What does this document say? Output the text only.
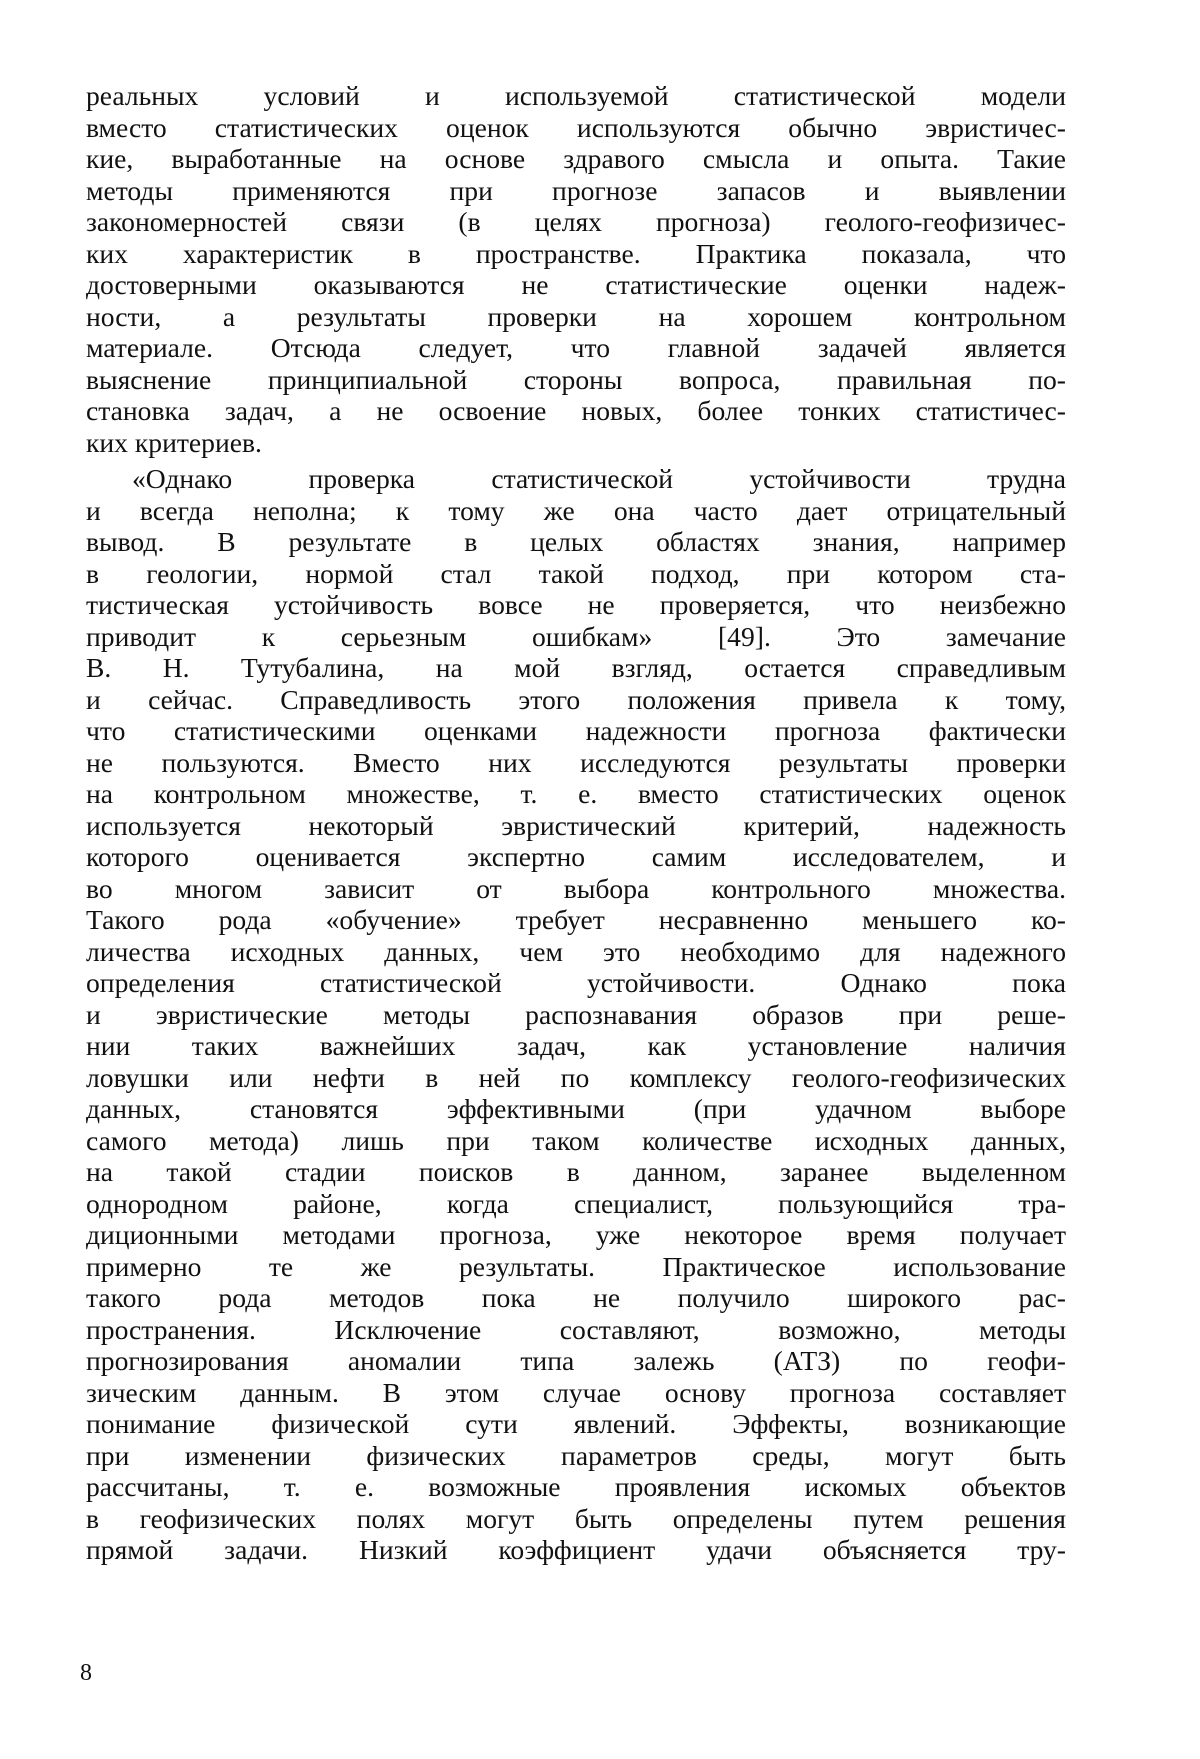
реальных условий и используемой статистической модели
вместо статистических оценок используются обычно эвристичес-
кие, выработанные на основе здравого смысла и опыта. Такие
методы применяются при прогнозе запасов и выявлении
закономерностей связи (в целях прогноза) геолого-геофизичес-
ких характеристик в пространстве. Практика показала, что
достоверными оказываются не статистические оценки надеж-
ности, а результаты проверки на хорошем контрольном
материале. Отсюда следует, что главной задачей является
выяснение принципиальной стороны вопроса, правильная по-
становка задач, а не освоение новых, более тонких статистичес-
ких критериев.
«Однако проверка статистической устойчивости трудна
и всегда неполна; к тому же она часто дает отрицательный
вывод. В результате в целых областях знания, например
в геологии, нормой стал такой подход, при котором ста-
тистическая устойчивость вовсе не проверяется, что неизбежно
приводит к серьезным ошибкам» [49]. Это замечание
В. Н. Тутубалина, на мой взгляд, остается справедливым
и сейчас. Справедливость этого положения привела к тому,
что статистическими оценками надежности прогноза фактически
не пользуются. Вместо них исследуются результаты проверки
на контрольном множестве, т. е. вместо статистических оценок
используется некоторый эвристический критерий, надежность
которого оценивается экспертно самим исследователем, и
во многом зависит от выбора контрольного множества.
Такого рода «обучение» требует несравненно меньшего ко-
личества исходных данных, чем это необходимо для надежного
определения статистической устойчивости. Однако пока
и эвристические методы распознавания образов при реше-
нии таких важнейших задач, как установление наличия
ловушки или нефти в ней по комплексу геолого-геофизических
данных, становятся эффективными (при удачном выборе
самого метода) лишь при таком количестве исходных данных,
на такой стадии поисков в данном, заранее выделенном
однородном районе, когда специалист, пользующийся тра-
диционными методами прогноза, уже некоторое время получает
примерно те же результаты. Практическое использование
такого рода методов пока не получило широкого рас-
пространения. Исключение составляют, возможно, методы
прогнозирования аномалии типа залежь (АТЗ) по геофи-
зическим данным. В этом случае основу прогноза составляет
понимание физической сути явлений. Эффекты, возникающие
при изменении физических параметров среды, могут быть
рассчитаны, т. е. возможные проявления искомых объектов
в геофизических полях могут быть определены путем решения
прямой задачи. Низкий коэффициент удачи объясняется тру-
8
